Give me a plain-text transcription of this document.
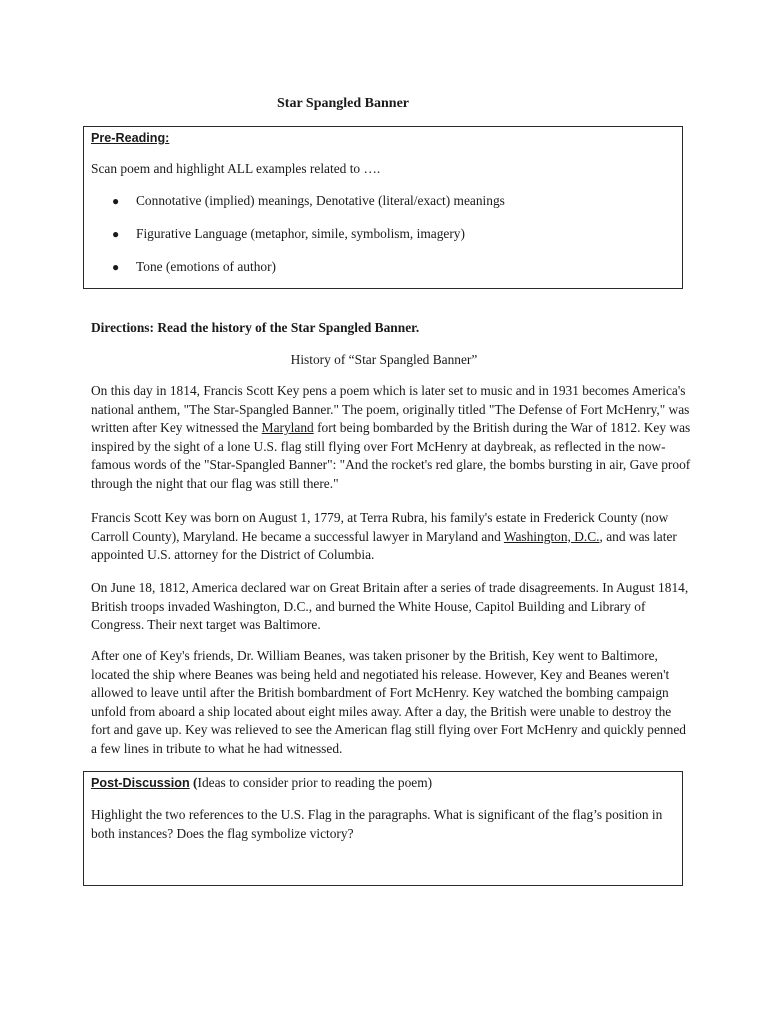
Star Spangled Banner
Pre-Reading:
Scan poem and highlight ALL examples related to ….
● Connotative (implied) meanings, Denotative (literal/exact) meanings
● Figurative Language (metaphor, simile, symbolism, imagery)
● Tone (emotions of author)
Directions: Read the history of the Star Spangled Banner.
History of “Star Spangled Banner”

On this day in 1814, Francis Scott Key pens a poem which is later set to music and in 1931 becomes America's national anthem, "The Star-Spangled Banner." The poem, originally titled "The Defense of Fort McHenry," was written after Key witnessed the Maryland fort being bombarded by the British during the War of 1812. Key was inspired by the sight of a lone U.S. flag still flying over Fort McHenry at daybreak, as reflected in the now-famous words of the "Star-Spangled Banner": "And the rocket's red glare, the bombs bursting in air, Gave proof through the night that our flag was still there."

Francis Scott Key was born on August 1, 1779, at Terra Rubra, his family's estate in Frederick County (now Carroll County), Maryland. He became a successful lawyer in Maryland and Washington, D.C., and was later appointed U.S. attorney for the District of Columbia.

On June 18, 1812, America declared war on Great Britain after a series of trade disagreements. In August 1814, British troops invaded Washington, D.C., and burned the White House, Capitol Building and Library of Congress. Their next target was Baltimore.

After one of Key's friends, Dr. William Beanes, was taken prisoner by the British, Key went to Baltimore, located the ship where Beanes was being held and negotiated his release. However, Key and Beanes weren't allowed to leave until after the British bombardment of Fort McHenry. Key watched the bombing campaign unfold from aboard a ship located about eight miles away. After a day, the British were unable to destroy the fort and gave up. Key was relieved to see the American flag still flying over Fort McHenry and quickly penned a few lines in tribute to what he had witnessed.

Post-Discussion (Ideas to consider prior to reading the poem)
Highlight the two references to the U.S. Flag in the paragraphs. What is significant of the flag’s position in both instances? Does the flag symbolize victory?
